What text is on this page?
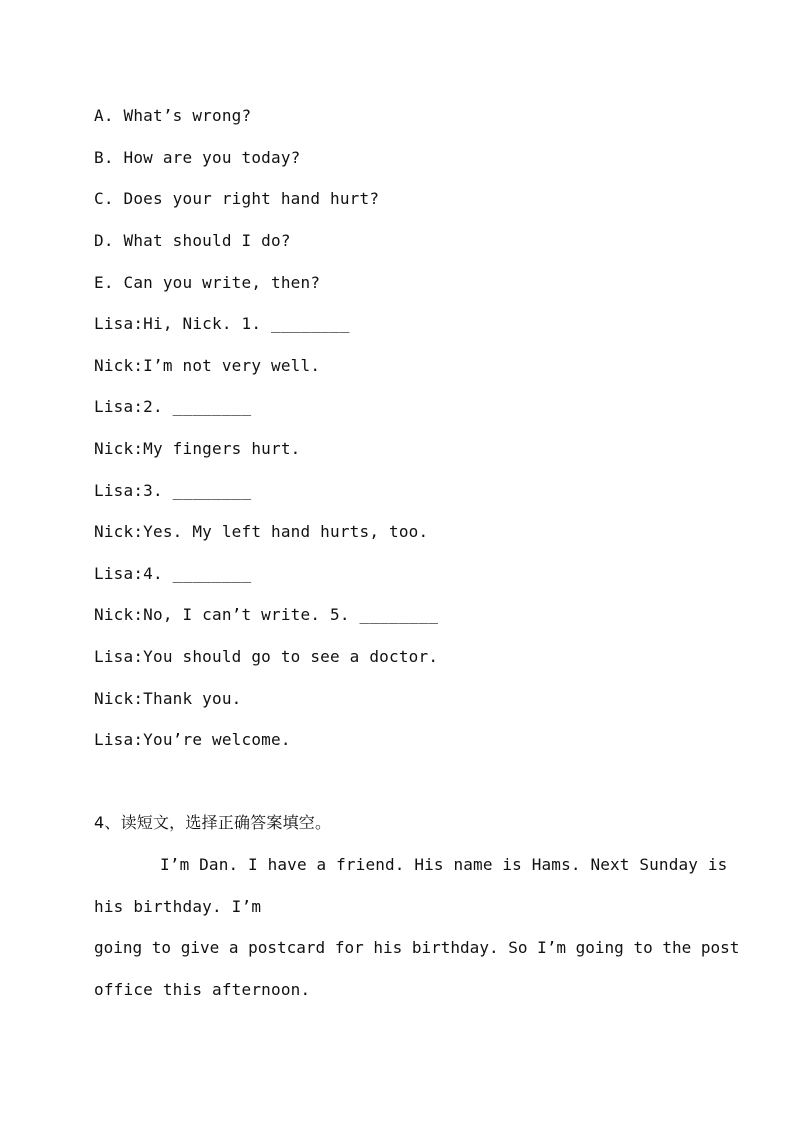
A. What’s wrong?
B. How are you today?
C. Does your right hand hurt?
D. What should I do?
E. Can you write, then?
Lisa:Hi, Nick. 1. ________
Nick:I’m not very well.
Lisa:2. ________
Nick:My fingers hurt.
Lisa:3. ________
Nick:Yes. My left hand hurts, too.
Lisa:4. ________
Nick:No, I can’t write. 5. ________
Lisa:You should go to see a doctor.
Nick:Thank you.
Lisa:You’re welcome.
4、读短文，选择正确答案填空。
I’m Dan. I have a friend. His name is Hams. Next Sunday is
his birthday. I’m
going to give a postcard for his birthday. So I’m going to the post
office this afternoon.
